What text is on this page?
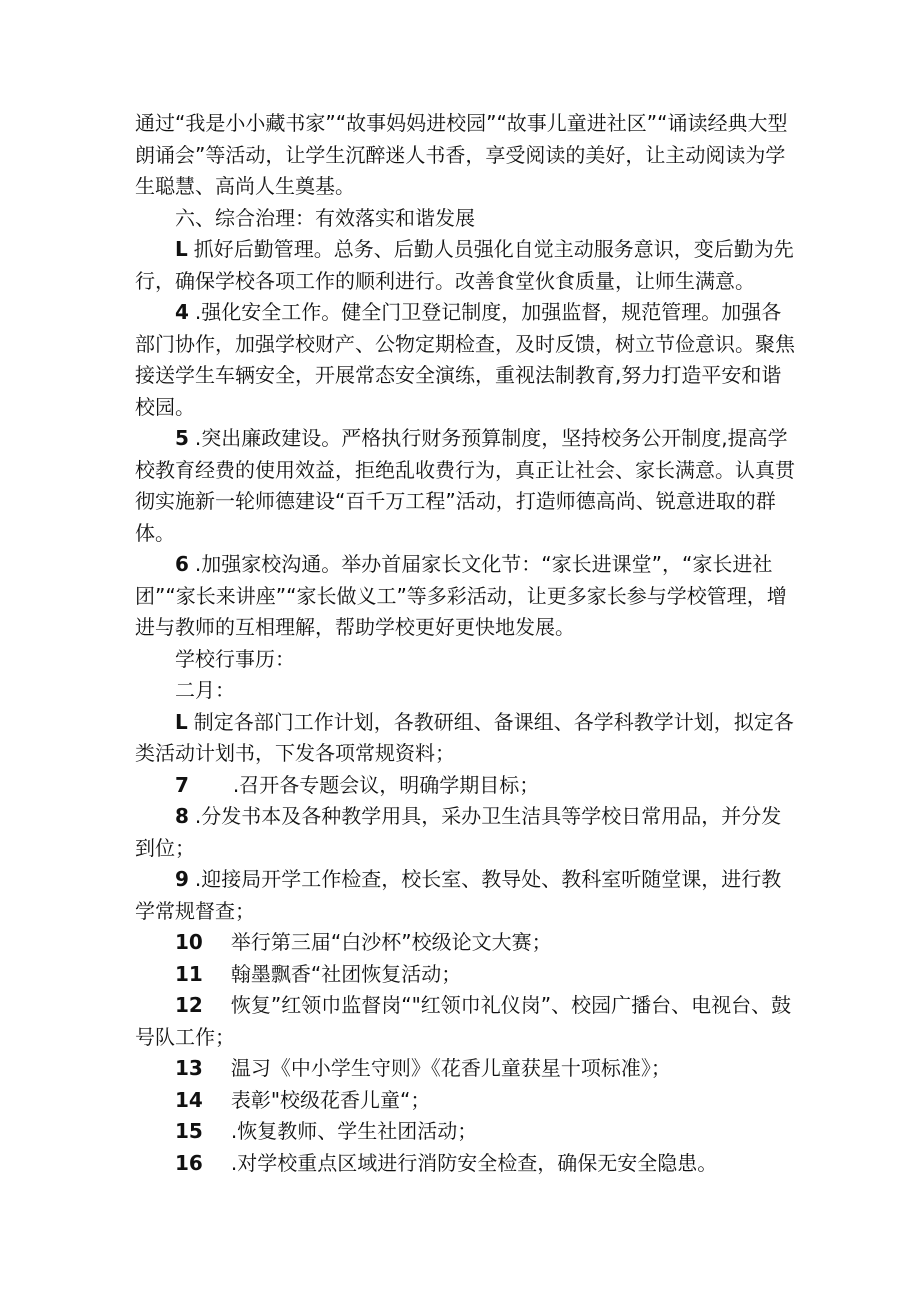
通过“我是小小藏书家”“故事妈妈进校园”“故事儿童进社区”“诵读经典大型朗诵会”等活动，让学生沉醉迷人书香，享受阅读的美好，让主动阅读为学生聪慧、高尚人生奠基。

六、综合治理：有效落实和谐发展

L 抓好后勤管理。总务、后勤人员强化自觉主动服务意识，变后勤为先行，确保学校各项工作的顺利进行。改善食堂伙食质量，让师生满意。

4 .强化安全工作。健全门卫登记制度，加强监督，规范管理。加强各部门协作，加强学校财产、公物定期检查，及时反馈，树立节俭意识。聚焦接送学生车辆安全，开展常态安全演练，重视法制教育,努力打造平安和谐校园。

5 .突出廉政建设。严格执行财务预算制度，坚持校务公开制度,提高学校教育经费的使用效益，拒绝乱收费行为，真正让社会、家长满意。认真贯彻实施新一轮师德建设“百千万工程”活动，打造师德高尚、锐意进取的群体。

6 .加强家校沟通。举办首届家长文化节：“家长进课堂”，“家长进社团”“家长来讲座”“家长做义工”等多彩活动，让更多家长参与学校管理，增进与教师的互相理解，帮助学校更好更快地发展。

学校行事历：

二月：

L 制定各部门工作计划，各教研组、备课组、各学科教学计划，拟定各类活动计划书，下发各项常规资料；

7 .召开各专题会议，明确学期目标；

8 .分发书本及各种教学用具，采办卫生洁具等学校日常用品，并分发到位；

9 .迎接局开学工作检查，校长室、教导处、教科室听随堂课，进行教学常规督查；

10 举行第三届“白沙杯”校级论文大赛；

11 翰墨飘香“社团恢复活动；

12 恢复”红领巾监督岗“"红领巾礼仪岗”、校园广播台、电视台、鼓号队工作；

13 温习《中小学生守则》《花香儿童获星十项标准》；

14 表彰"校级花香儿童“；

15 .恢复教师、学生社团活动；

16 .对学校重点区域进行消防安全检查，确保无安全隐患。
